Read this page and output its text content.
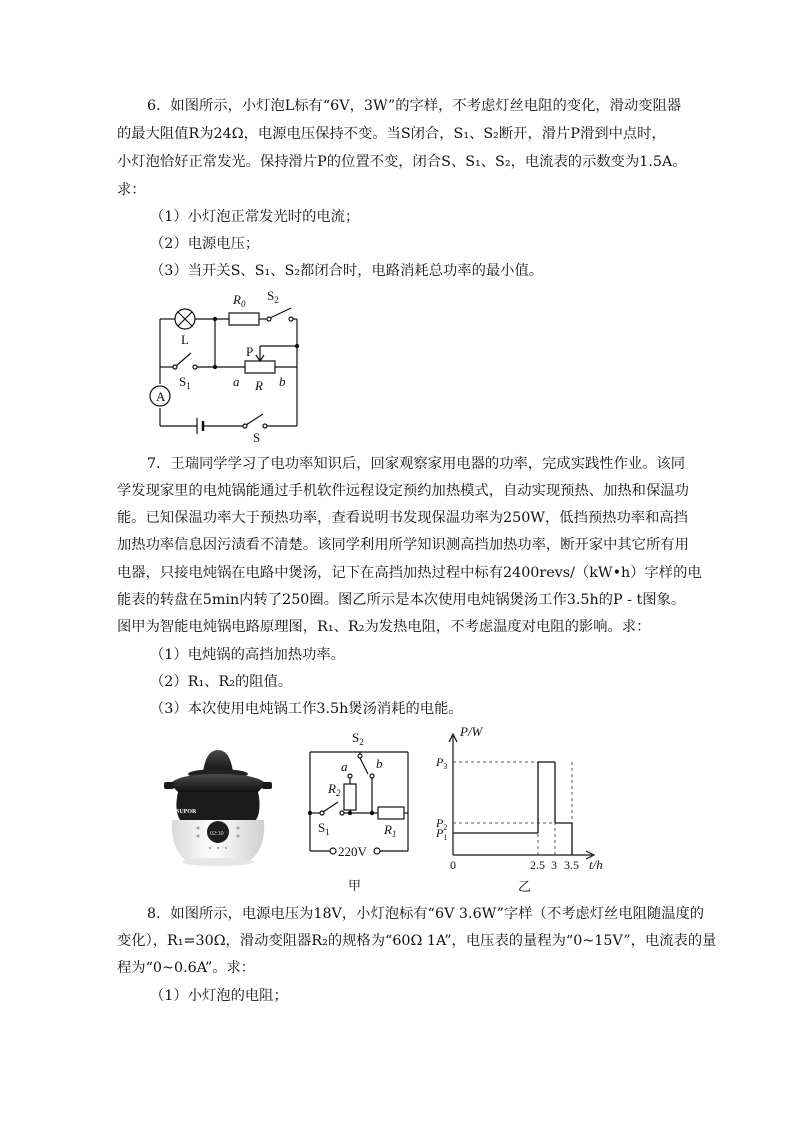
6．如图所示，小灯泡L标有“6V，3W”的字样，不考虑灯丝电阻的变化，滑动变阻器
的最大阻值R为24Ω，电源电压保持不变。当S闭合，S₁、S₂断开，滑片P滑到中点时，
小灯泡恰好正常发光。保持滑片P的位置不变，闭合S、S₁、S₂，电流表的示数变为1.5A。
求：
（1）小灯泡正常发光时的电流；
（2）电源电压；
（3）当开关S、S₁、S₂都闭合时，电路消耗总功率的最小值。
$R_0$
$S_2$
L
P
$S_1$	a R b
A
S
7．王瑞同学学习了电功率知识后，回家观察家用电器的功率，完成实践性作业。该同
学发现家里的电炖锅能通过手机软件远程设定预约加热模式，自动实现预热、加热和保温功
能。已知保温功率大于预热功率，查看说明书发现保温功率为250W，低挡预热功率和高挡
加热功率信息因污渍看不清楚。该同学利用所学知识测高挡加热功率，断开家中其它所有用
电器，只接电炖锅在电路中煲汤，记下在高挡加热过程中标有2400revs/（kW•h）字样的电
能表的转盘在5min内转了250圈。图乙所示是本次使用电炖锅煲汤工作3.5h的P - t图象。
图甲为智能电炖锅电路原理图，R₁、R₂为发热电阻，不考虑温度对电阻的影响。求：
（1）电炖锅的高挡加热功率。
（2）R₁、R₂的阻值。
（3）本次使用电炖锅工作3.5h煲汤消耗的电能。
SUPOR
02:30
$S_2$
a b
$R_2$
$S_1$	$R_1$
220V
甲
0	2.5 3 3.5
$P_1$
$P_2$
$P_3$
P/W
t/h
乙
8．如图所示，电源电压为18V，小灯泡标有“6V 3.6W”字样（不考虑灯丝电阻随温度的
变化），R₁=30Ω，滑动变阻器R₂的规格为“60Ω 1A”，电压表的量程为“0~15V”，电流表的量
程为“0~0.6A”。求：
（1）小灯泡的电阻；
